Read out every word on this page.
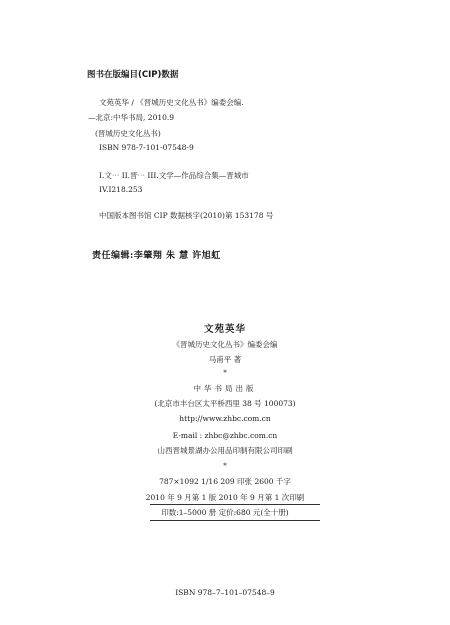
图书在版编目(CIP)数据
文苑英华 / 《晋城历史文化丛书》编委会编.
—北京:中华书局, 2010.9
(晋城历史文化丛书)
ISBN 978-7-101-07548-9
I.文⋯ II.晋⋯ III.文学—作品综合集—晋城市
IV.I218.253
中国版本图书馆 CIP 数据核字(2010)第 153178 号
责任编辑:李肇翔 朱 慧 许旭虹
文苑英华
《晋城历史文化丛书》编委会编
马甫平 著
*
中华书局出版
(北京市丰台区太平桥西里 38 号 100073)
http://www.zhbc.com.cn
E-mail : zhbc@zhbc.com.cn
山西晋城景湖办公用品印制有限公司印刷
*
787×1092 1/16 209 印张 2600 千字
2010 年 9 月第 1 版 2010 年 9 月第 1 次印刷
印数:1–5000 册 定价:680 元(全十册)
ISBN 978–7–101–07548–9
